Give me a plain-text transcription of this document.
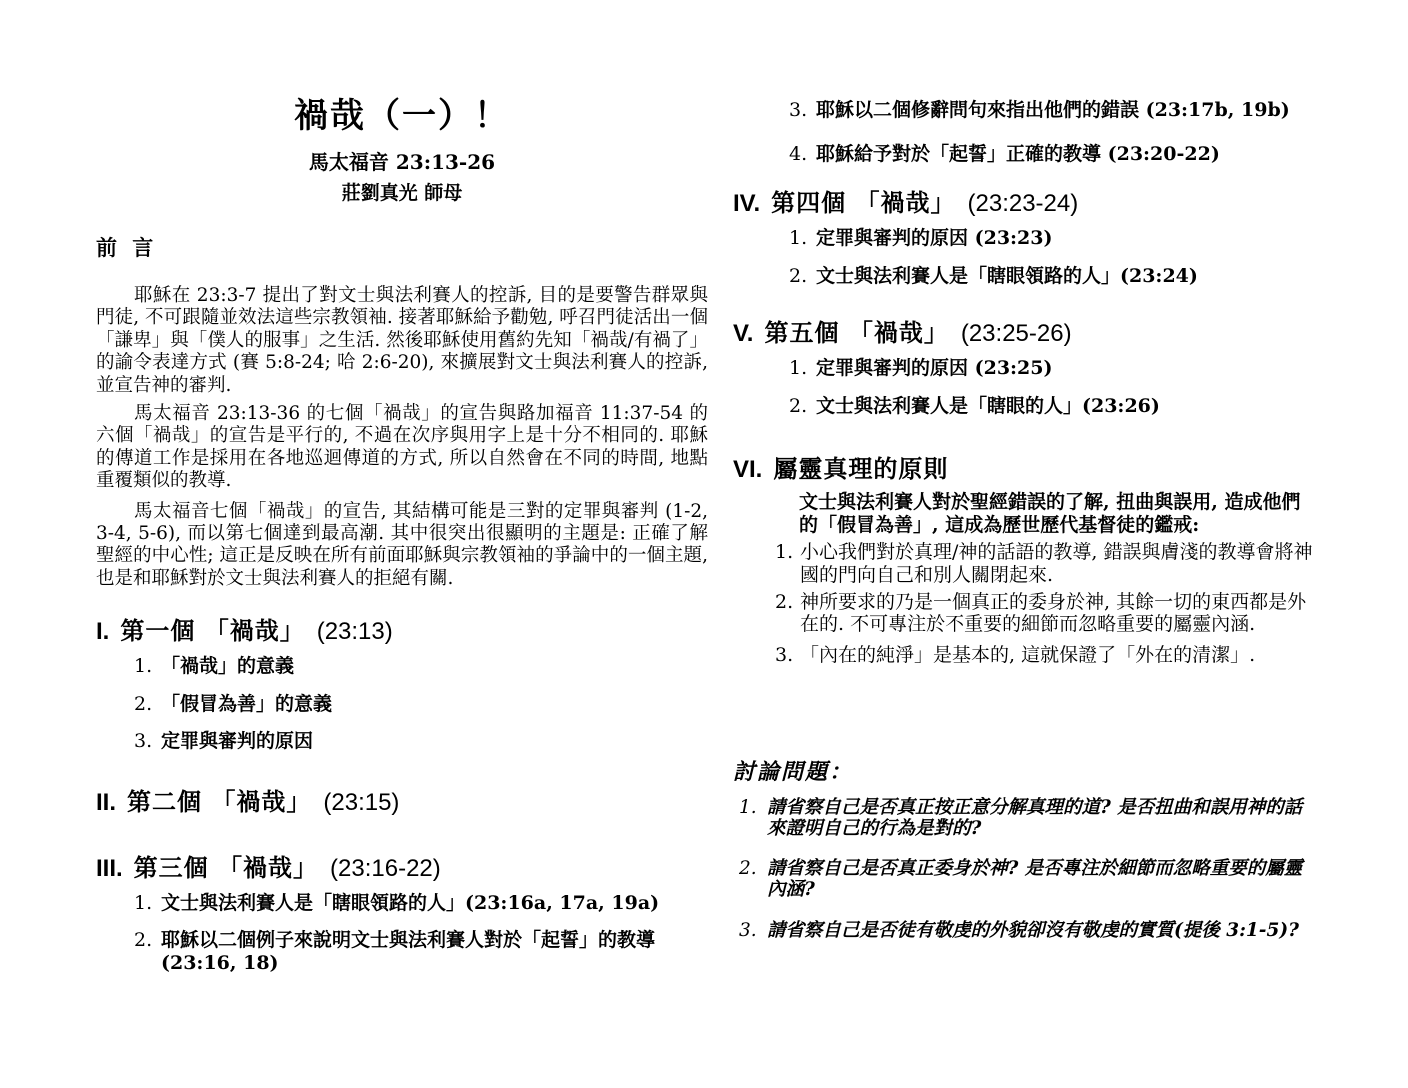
禍哉（一）！
馬太福音 23:13-26
莊劉真光 師母
前 言

耶穌在 23:3-7 提出了對文士與法利賽人的控訴, 目的是要警告群眾與門徒, 不可跟隨並效法這些宗教領袖. 接著耶穌給予勸勉, 呼召門徒活出一個「謙卑」與「僕人的服事」之生活. 然後耶穌使用舊約先知「禍哉/有禍了」的諭令表達方式 (賽 5:8-24; 哈 2:6-20), 來擴展對文士與法利賽人的控訴, 並宣告神的審判.

馬太福音 23:13-36 的七個「禍哉」的宣告與路加福音 11:37-54 的六個「禍哉」的宣告是平行的, 不過在次序與用字上是十分不相同的. 耶穌的傳道工作是採用在各地巡迴傳道的方式, 所以自然會在不同的時間, 地點重覆類似的教導.

馬太福音七個「禍哉」的宣告, 其結構可能是三對的定罪與審判 (1-2, 3-4, 5-6), 而以第七個達到最高潮. 其中很突出很顯明的主題是: 正確了解聖經的中心性; 這正是反映在所有前面耶穌與宗教領袖的爭論中的一個主題, 也是和耶穌對於文士與法利賽人的拒絕有關.

I. 第一個 「禍哉」 (23:13)
1. 「禍哉」的意義
2. 「假冒為善」的意義
3. 定罪與審判的原因
II. 第二個 「禍哉」 (23:15)
III. 第三個 「禍哉」 (23:16-22)
1. 文士與法利賽人是「瞎眼領路的人」(23:16a, 17a, 19a)
2. 耶穌以二個例子來說明文士與法利賽人對於「起誓」的教導 (23:16, 18)
3. 耶穌以二個修辭問句來指出他們的錯誤 (23:17b, 19b)
4. 耶穌給予對於「起誓」正確的教導 (23:20-22)
IV. 第四個 「禍哉」 (23:23-24)
1. 定罪與審判的原因 (23:23)
2. 文士與法利賽人是「瞎眼領路的人」(23:24)
V. 第五個 「禍哉」 (23:25-26)
1. 定罪與審判的原因 (23:25)
2. 文士與法利賽人是「瞎眼的人」(23:26)
VI. 屬靈真理的原則

文士與法利賽人對於聖經錯誤的了解, 扭曲與誤用, 造成他們的「假冒為善」, 這成為歷世歷代基督徒的鑑戒:

1. 小心我們對於真理/神的話語的教導, 錯誤與膚淺的教導會將神國的門向自己和別人關閉起來.
2. 神所要求的乃是一個真正的委身於神, 其餘一切的東西都是外在的. 不可專注於不重要的細節而忽略重要的屬靈內涵.
3. 「內在的純淨」是基本的, 這就保證了「外在的清潔」.
討論問題：
1. 請省察自己是否真正按正意分解真理的道? 是否扭曲和誤用神的話來證明自己的行為是對的?
2. 請省察自己是否真正委身於神? 是否專注於細節而忽略重要的屬靈內涵?
3. 請省察自己是否徒有敬虔的外貌卻沒有敬虔的實質(提後 3:1-5)?
